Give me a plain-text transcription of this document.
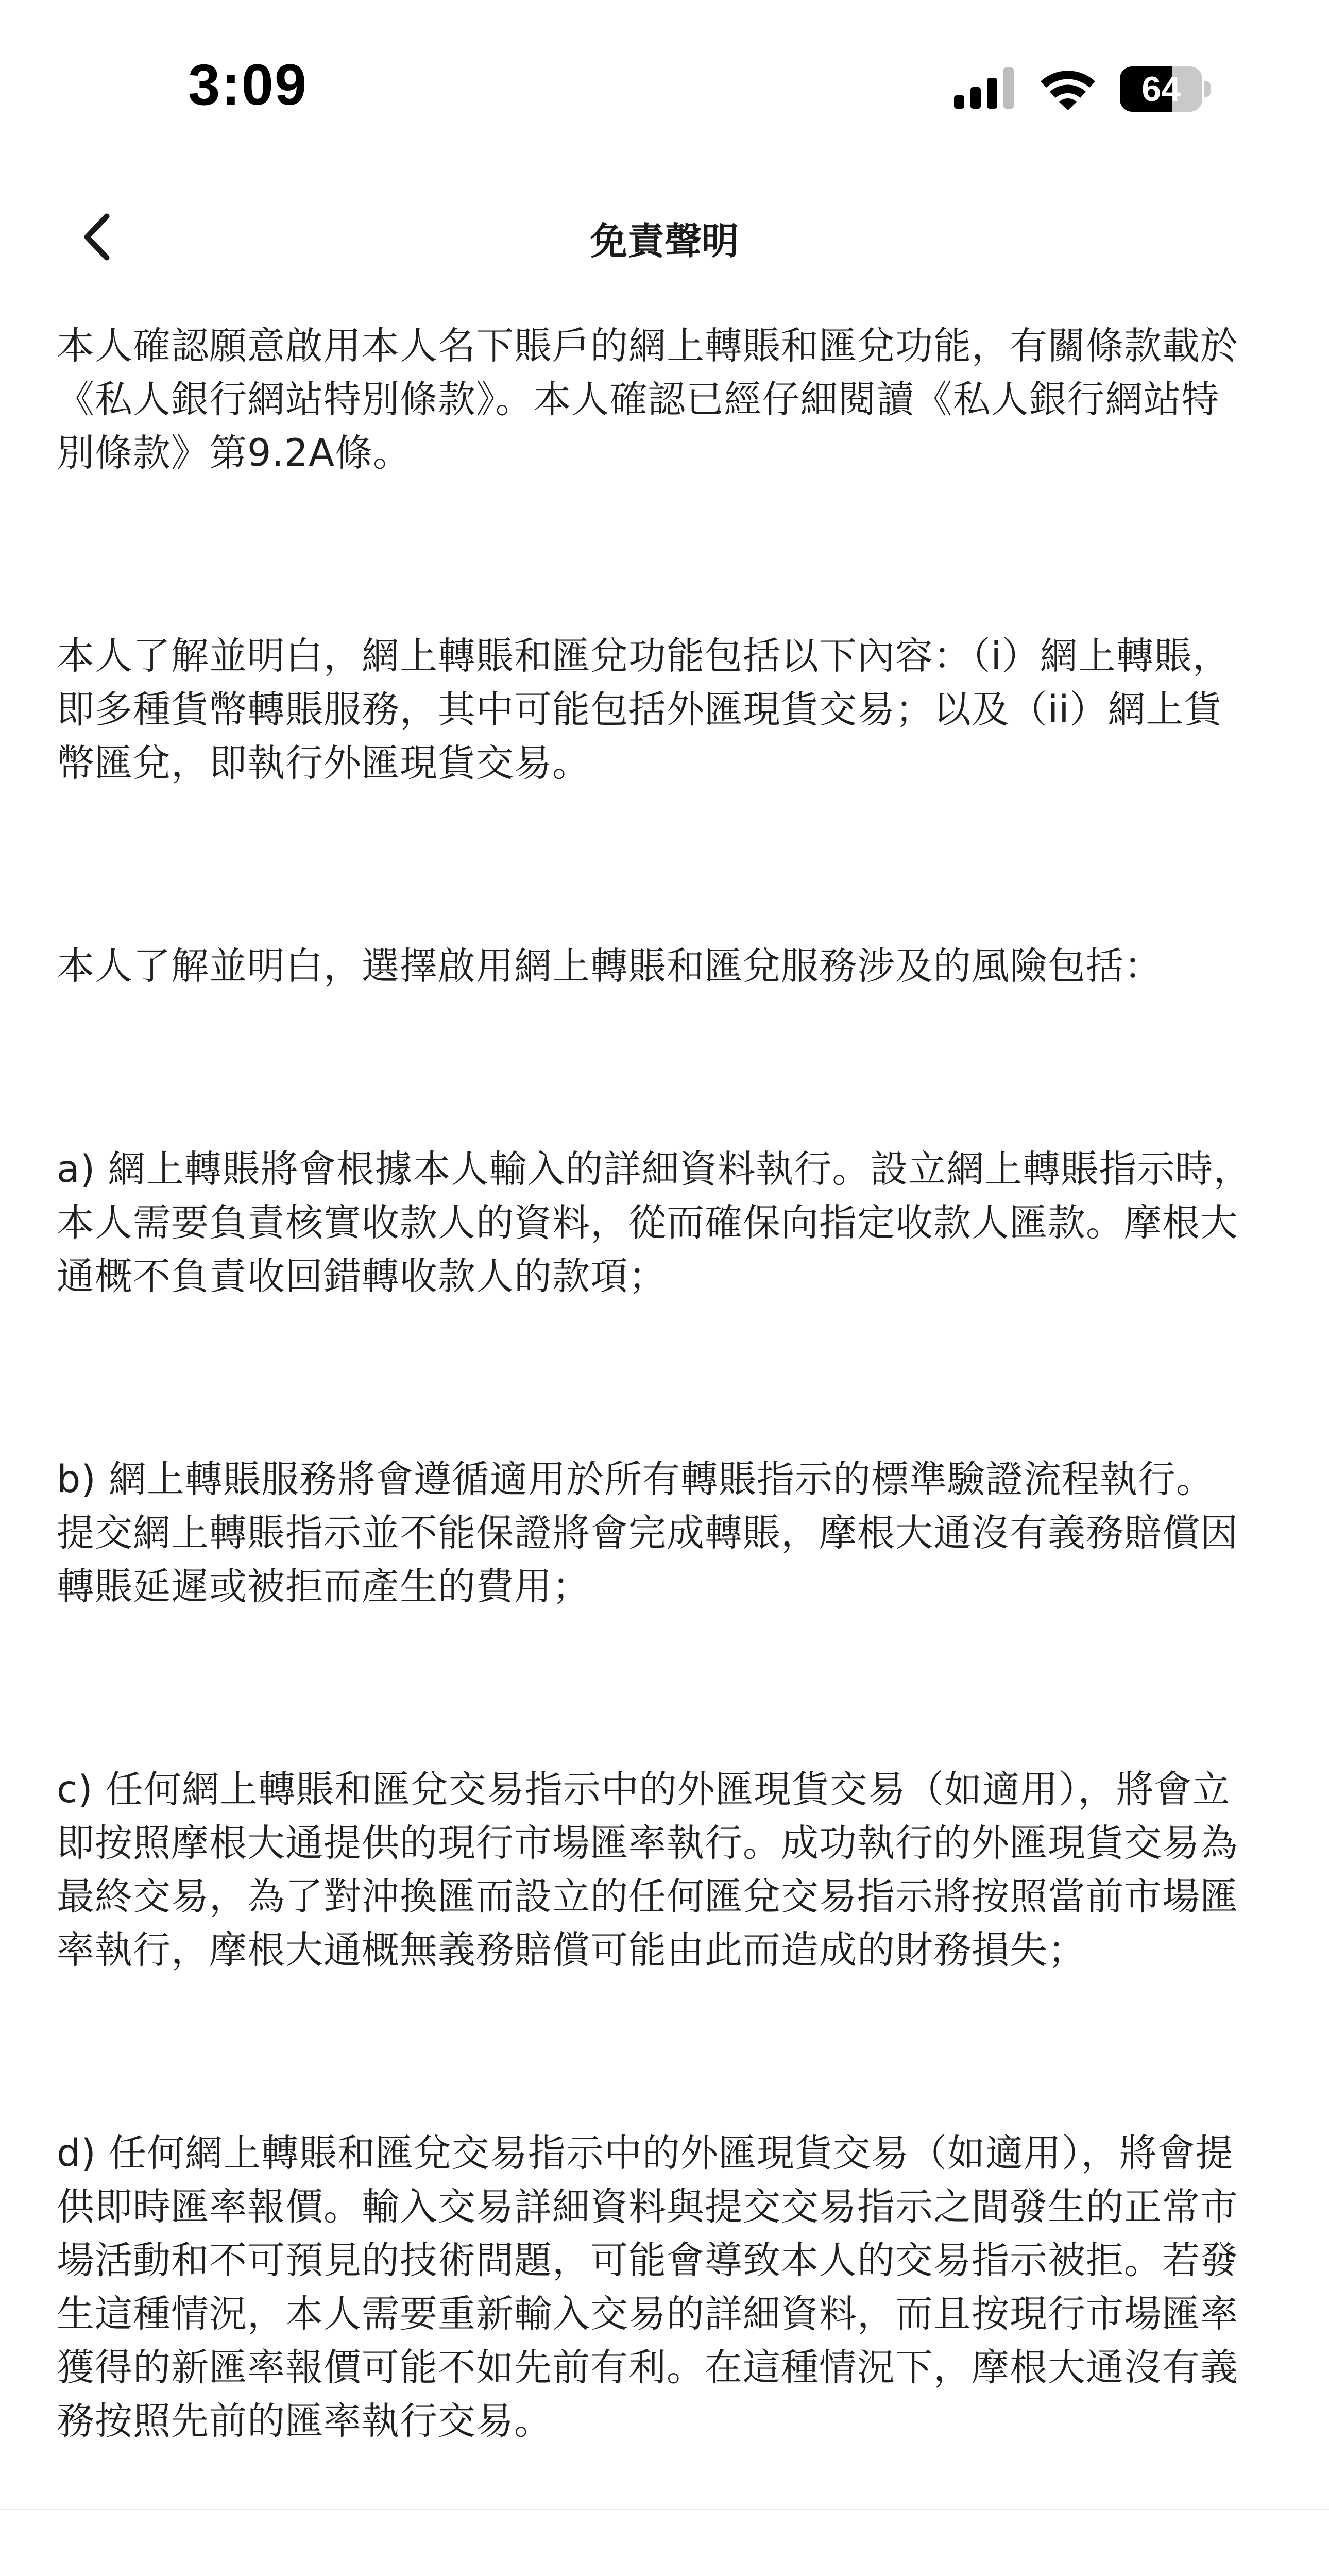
3:09	64
免責聲明

本人確認願意啟用本人名下賬戶的網上轉賬和匯兌功能，有關條款載於《私人銀行網站特別條款》。本人確認已經仔細閱讀《私人銀行網站特別條款》第9.2A條。

本人了解並明白，網上轉賬和匯兌功能包括以下內容：（i）網上轉賬，即多種貨幣轉賬服務，其中可能包括外匯現貨交易；以及（ii）網上貨幣匯兌，即執行外匯現貨交易。

本人了解並明白，選擇啟用網上轉賬和匯兌服務涉及的風險包括：

a) 網上轉賬將會根據本人輸入的詳細資料執行。設立網上轉賬指示時，本人需要負責核實收款人的資料，從而確保向指定收款人匯款。摩根大通概不負責收回錯轉收款人的款項；

b) 網上轉賬服務將會遵循適用於所有轉賬指示的標準驗證流程執行。提交網上轉賬指示並不能保證將會完成轉賬，摩根大通沒有義務賠償因轉賬延遲或被拒而產生的費用；

c) 任何網上轉賬和匯兌交易指示中的外匯現貨交易（如適用），將會立即按照摩根大通提供的現行市場匯率執行。成功執行的外匯現貨交易為最終交易，為了對沖換匯而設立的任何匯兌交易指示將按照當前市場匯率執行，摩根大通概無義務賠償可能由此而造成的財務損失；

d) 任何網上轉賬和匯兌交易指示中的外匯現貨交易（如適用），將會提供即時匯率報價。輸入交易詳細資料與提交交易指示之間發生的正常市場活動和不可預見的技術問題，可能會導致本人的交易指示被拒。若發生這種情況，本人需要重新輸入交易的詳細資料，而且按現行市場匯率獲得的新匯率報價可能不如先前有利。在這種情況下，摩根大通沒有義務按照先前的匯率執行交易。
